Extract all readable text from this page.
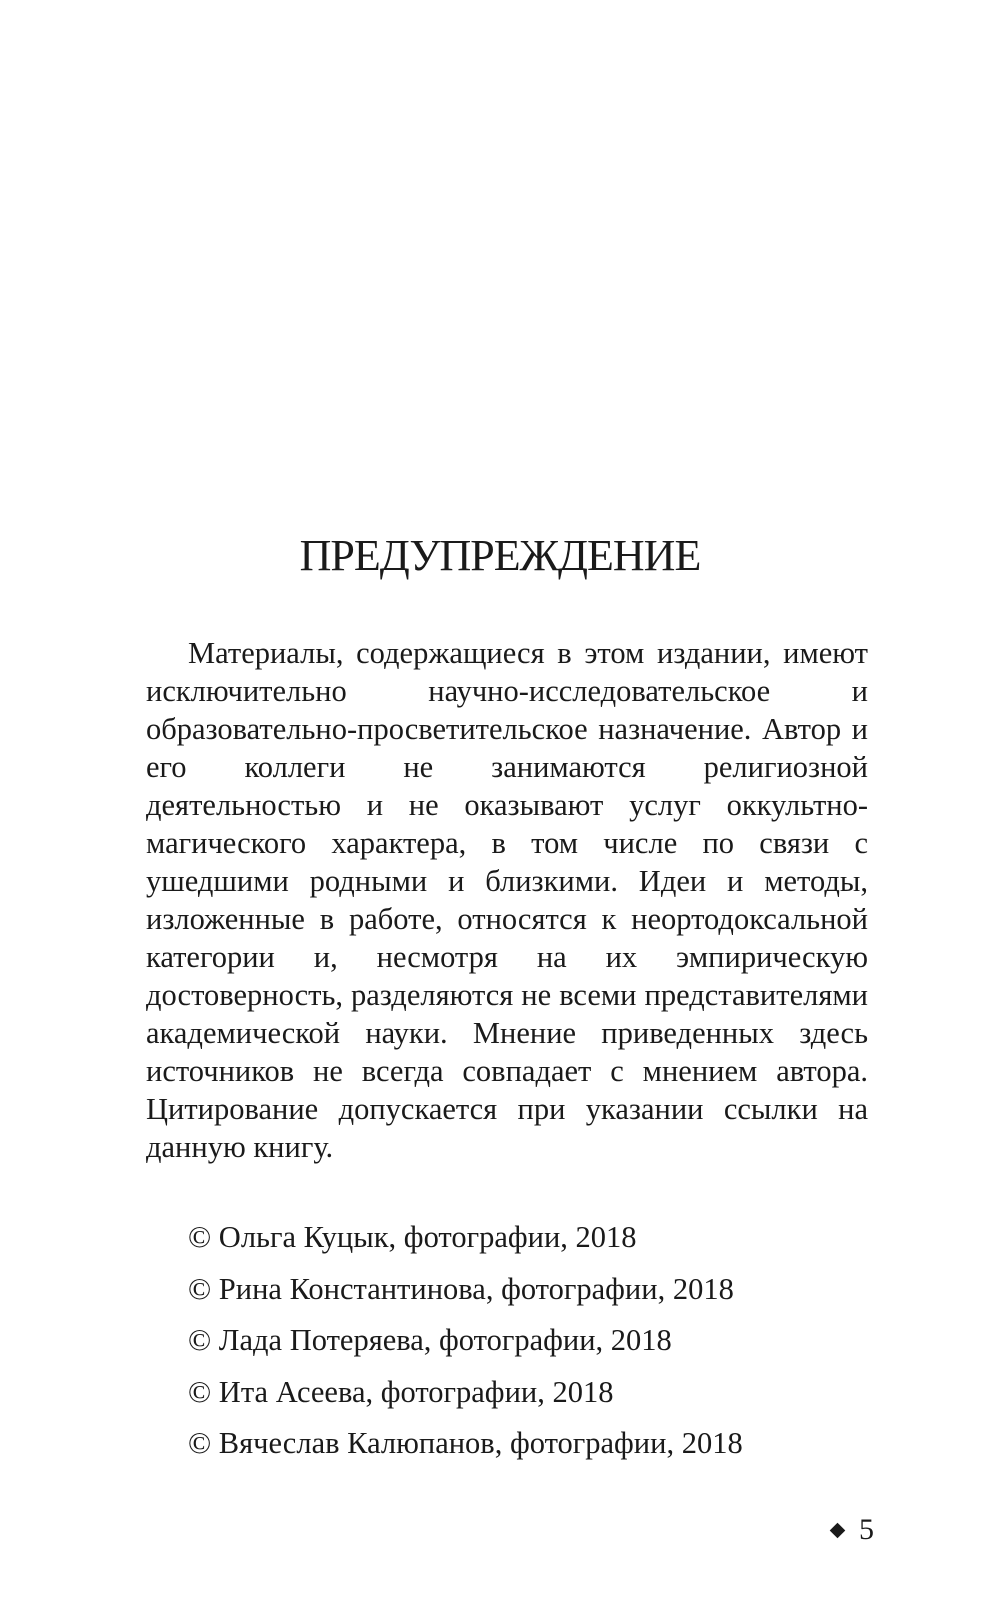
ПРЕДУПРЕЖДЕНИЕ

Материалы, содержащиеся в этом издании, имеют исключительно научно-исследовательское и образовательно-просветительское назначение. Автор и его коллеги не занимаются религиозной деятельностью и не оказывают услуг оккультно-магического характера, в том числе по связи с ушедшими родными и близкими. Идеи и методы, изложенные в работе, относятся к неортодоксальной категории и, несмотря на их эмпирическую достоверность, разделяются не всеми представителями академической науки. Мнение приведенных здесь источников не всегда совпадает с мнением автора. Цитирование допускается при указании ссылки на данную книгу.

© Ольга Куцык, фотографии, 2018
© Рина Константинова, фотографии, 2018
© Лада Потеряева, фотографии, 2018
© Ита Асеева, фотографии, 2018
© Вячеслав Калюпанов, фотографии, 2018
5
